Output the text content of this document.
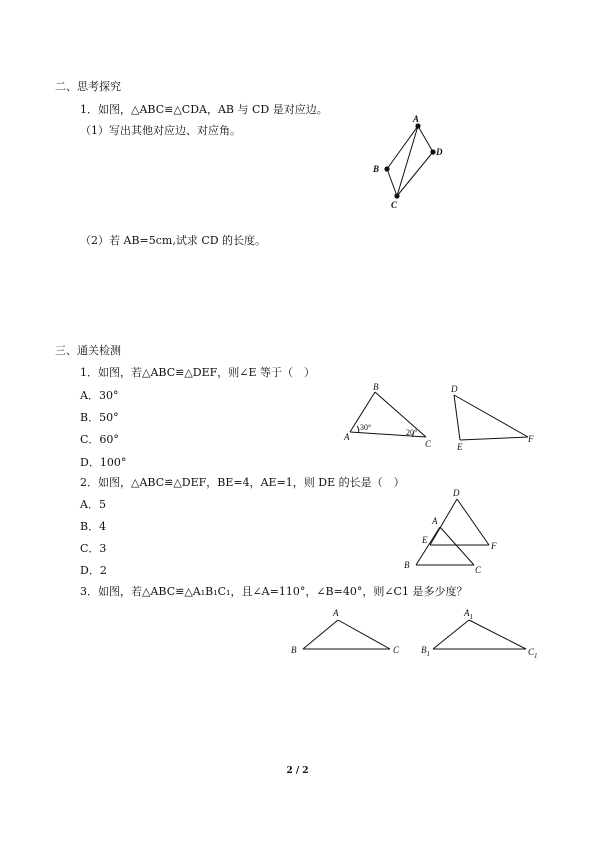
二、思考探究
1．如图，△ABC≌△CDA，AB 与 CD 是对应边。
（1）写出其他对应边、对应角。
A
D
B
C
（2）若 AB=5cm,试求 CD 的长度。
三、通关检测
1．如图，若△ABC≌△DEF，则∠E 等于（　）
A．30°
B．50°
C．60°
D．100°
B
A
C
30°
20°
D
E
F
2．如图，△ABC≌△DEF，BE=4，AE=1，则 DE 的长是（　）
A．5
B．4
C．3
D．2
D
A
E
F
B	C
3．如图，若△ABC≌△A₁B₁C₁，且∠A=110°，∠B=40°，则∠C1 是多少度？
A
B	C
$A_1$
$B_1$	$C_1$
2 / 2
